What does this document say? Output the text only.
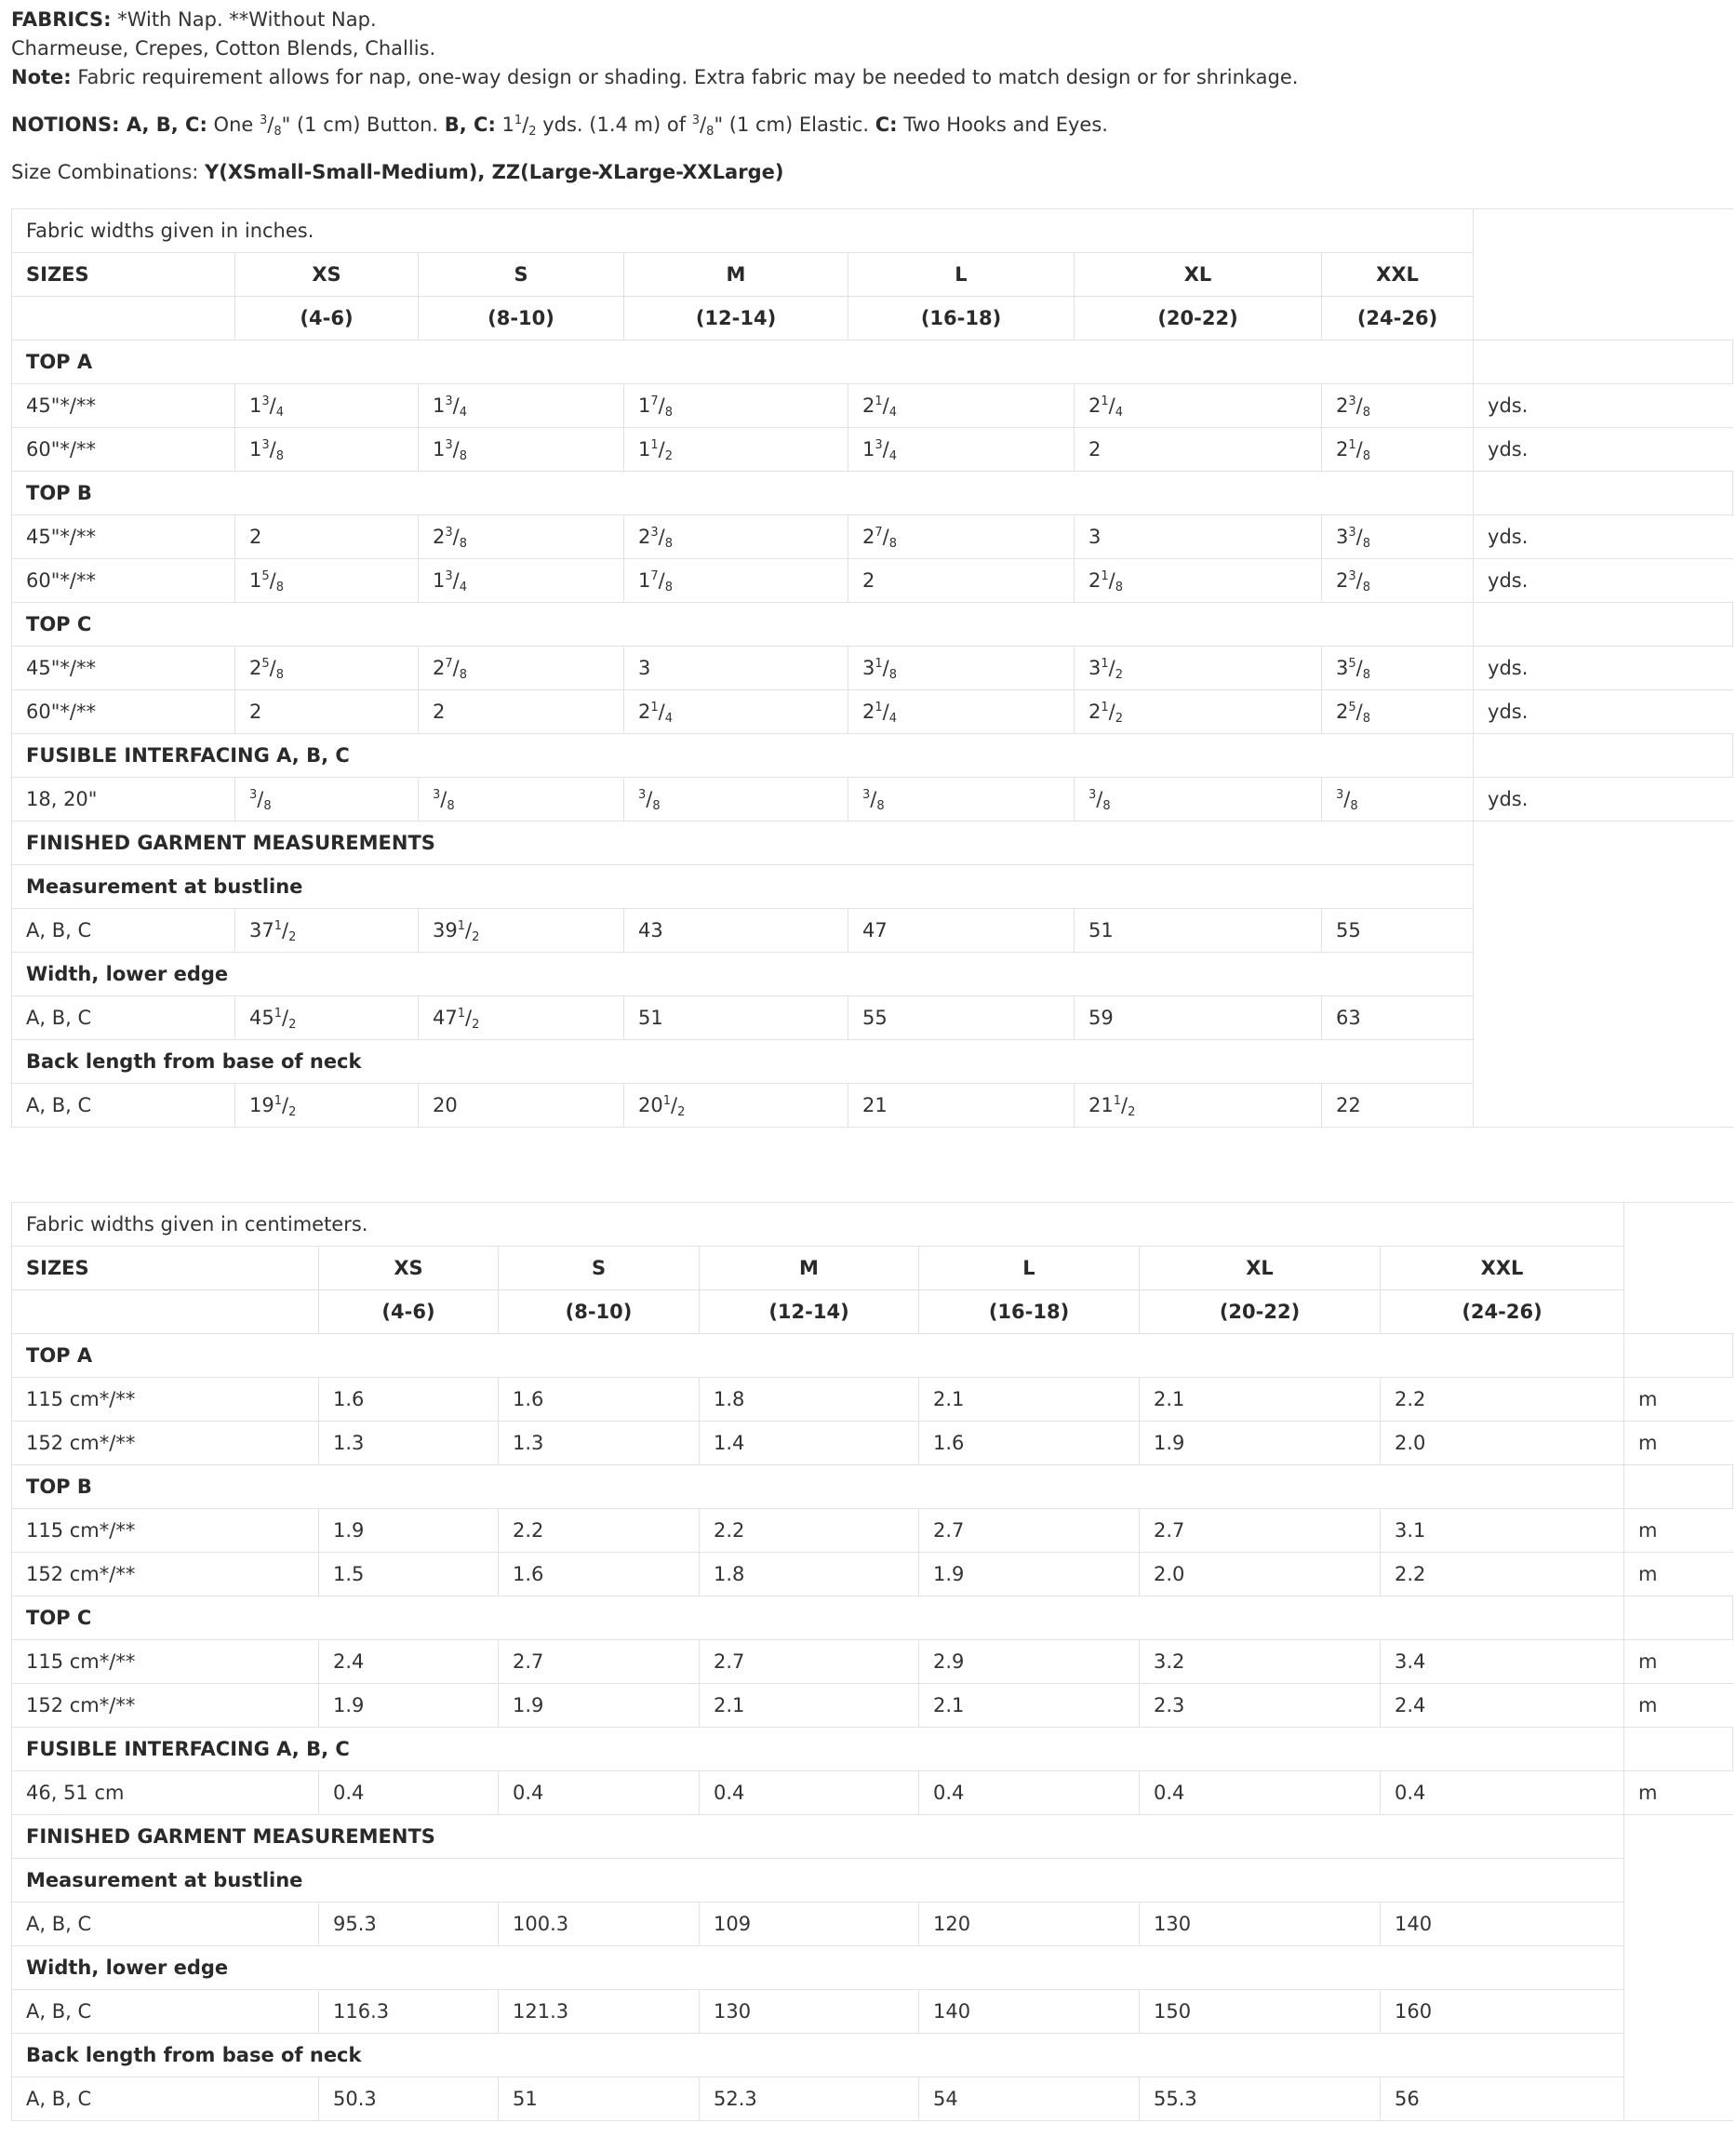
FABRICS: *With Nap. **Without Nap.

Charmeuse, Crepes, Cotton Blends, Challis.

Note: Fabric requirement allows for nap, one-way design or shading. Extra fabric may be needed to match design or for shrinkage.

NOTIONS: A, B, C: One $^3/_8$" (1 cm) Button. B, C: $1^1/_2$ yds. (1.4 m) of $^3/_8$" (1 cm) Elastic. C: Two Hooks and Eyes.

Size Combinations: Y(XSmall-Small-Medium), ZZ(Large-XLarge-XXLarge)

Fabric widths given in inches.							
SIZES	XS	S	M	L	XL	XXL	
	(4-6)	(8-10)	(12-14)	(16-18)	(20-22)	(24-26)	
TOP A							
45"*/**	$1^3/_4$	$1^3/_4$	$1^7/_8$	$2^1/_4$	$2^1/_4$	$2^3/_8$	yds.
60"*/**	$1^3/_8$	$1^3/_8$	$1^1/_2$	$1^3/_4$	2	$2^1/_8$	yds.
TOP B							
45"*/**	2	$2^3/_8$	$2^3/_8$	$2^7/_8$	3	$3^3/_8$	yds.
60"*/**	$1^5/_8$	$1^3/_4$	$1^7/_8$	2	$2^1/_8$	$2^3/_8$	yds.
TOP C							
45"*/**	$2^5/_8$	$2^7/_8$	3	$3^1/_8$	$3^1/_2$	$3^5/_8$	yds.
60"*/**	2	2	$2^1/_4$	$2^1/_4$	$2^1/_2$	$2^5/_8$	yds.
FUSIBLE INTERFACING A, B, C							
18, 20"	$^3/_8$	$^3/_8$	$^3/_8$	$^3/_8$	$^3/_8$	$^3/_8$	yds.
FINISHED GARMENT MEASUREMENTS							
Measurement at bustline							
A, B, C	$37^1/_2$	$39^1/_2$	43	47	51	55	
Width, lower edge							
A, B, C	$45^1/_2$	$47^1/_2$	51	55	59	63	
Back length from base of neck							
A, B, C	$19^1/_2$	20	$20^1/_2$	21	$21^1/_2$	22	
Fabric widths given in centimeters.							
SIZES	XS	S	M	L	XL	XXL	
	(4-6)	(8-10)	(12-14)	(16-18)	(20-22)	(24-26)	
TOP A							
115 cm*/**	1.6	1.6	1.8	2.1	2.1	2.2	m
152 cm*/**	1.3	1.3	1.4	1.6	1.9	2.0	m
TOP B							
115 cm*/**	1.9	2.2	2.2	2.7	2.7	3.1	m
152 cm*/**	1.5	1.6	1.8	1.9	2.0	2.2	m
TOP C							
115 cm*/**	2.4	2.7	2.7	2.9	3.2	3.4	m
152 cm*/**	1.9	1.9	2.1	2.1	2.3	2.4	m
FUSIBLE INTERFACING A, B, C							
46, 51 cm	0.4	0.4	0.4	0.4	0.4	0.4	m
FINISHED GARMENT MEASUREMENTS							
Measurement at bustline							
A, B, C	95.3	100.3	109	120	130	140	
Width, lower edge							
A, B, C	116.3	121.3	130	140	150	160	
Back length from base of neck							
A, B, C	50.3	51	52.3	54	55.3	56	
